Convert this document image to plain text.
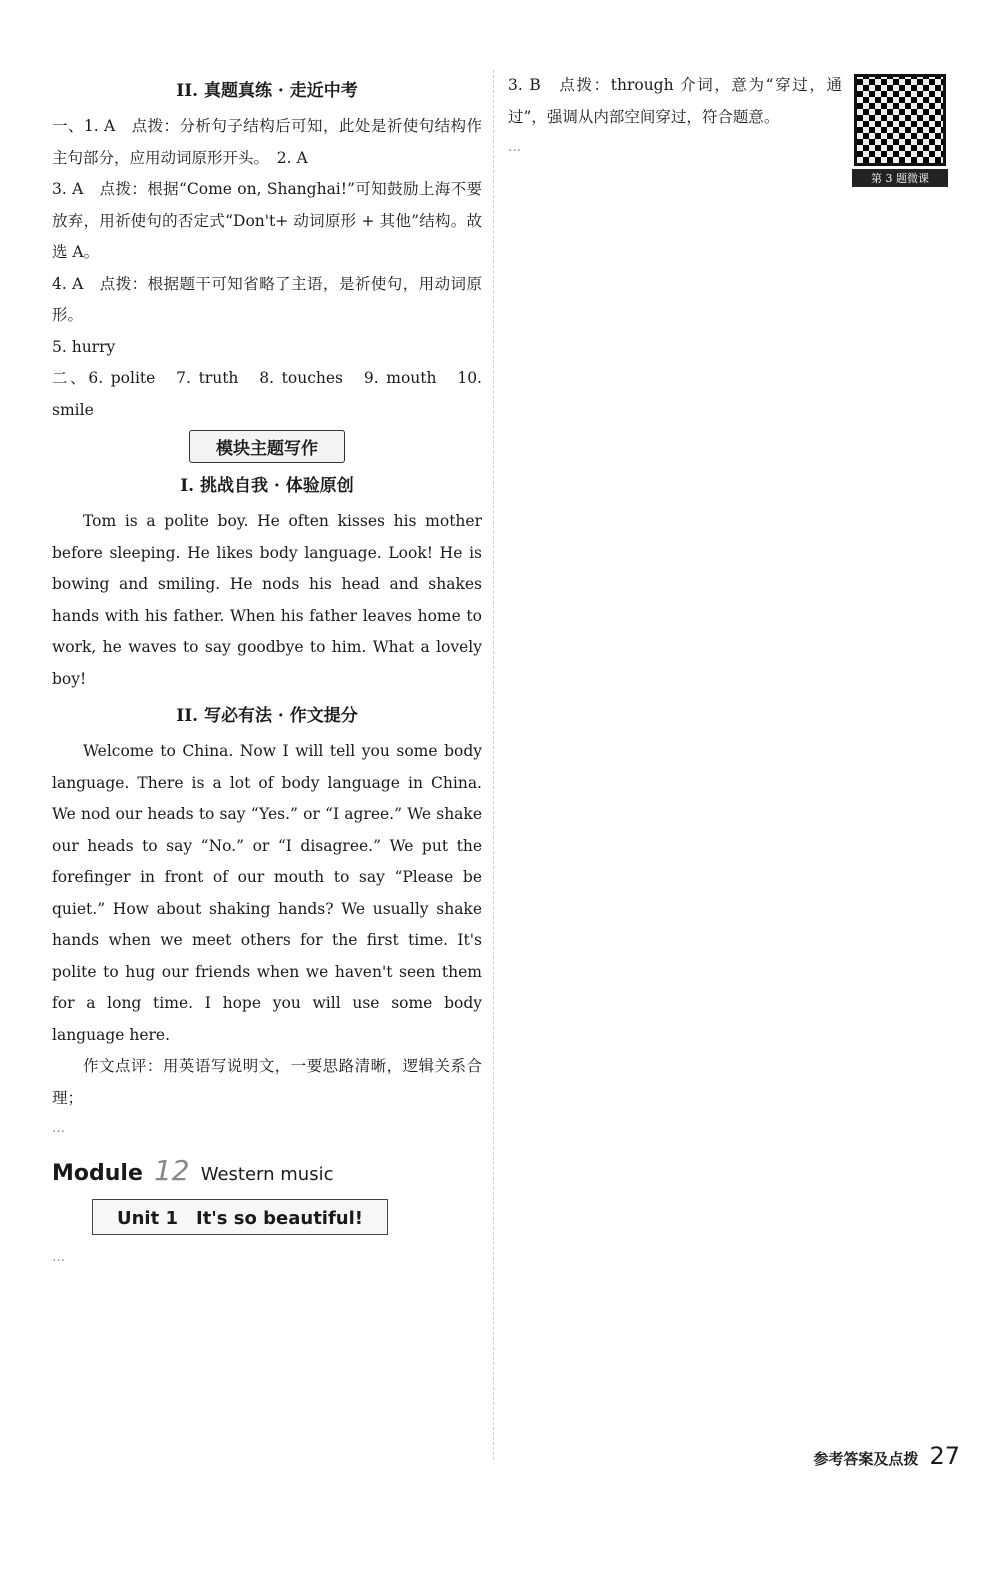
II. 真题真练 · 走近中考

一、1. A　点拨：分析句子结构后可知，此处是祈使句结构作主句部分，应用动词原形开头。　2. A

3. A　点拨：根据“Come on, Shanghai!”可知鼓励上海不要放弃，用祈使句的否定式“Don't+ 动词原形 + 其他”结构。故选 A。

4. A　点拨：根据题干可知省略了主语，是祈使句，用动词原形。

5. hurry

二、6. polite　7. truth　8. touches　9. mouth　10. smile

模块主题写作
I. 挑战自我 · 体验原创

Tom is a polite boy. He often kisses his mother before sleeping. He likes body language. Look! He is bowing and smiling. He nods his head and shakes hands with his father. When his father leaves home to work, he waves to say goodbye to him. What a lovely boy!

II. 写必有法 · 作文提分

Welcome to China. Now I will tell you some body language. There is a lot of body language in China. We nod our heads to say “Yes.” or “I agree.” We shake our heads to say “No.” or “I disagree.” We put the forefinger in front of our mouth to say “Please be quiet.” How about shaking hands? We usually shake hands when we meet others for the first time. It's polite to hug our friends when we haven't seen them for a long time. I hope you will use some body language here.

作文点评：用英语写说明文，一要思路清晰，逻辑关系合理；

…
Module 12 Western music
Unit 1　It's so beautiful!
…
第 3 题微课

3. B　点拨：through 介词，意为“穿过，通过”，强调从内部空间穿过，符合题意。

…
参考答案及点拨 27
